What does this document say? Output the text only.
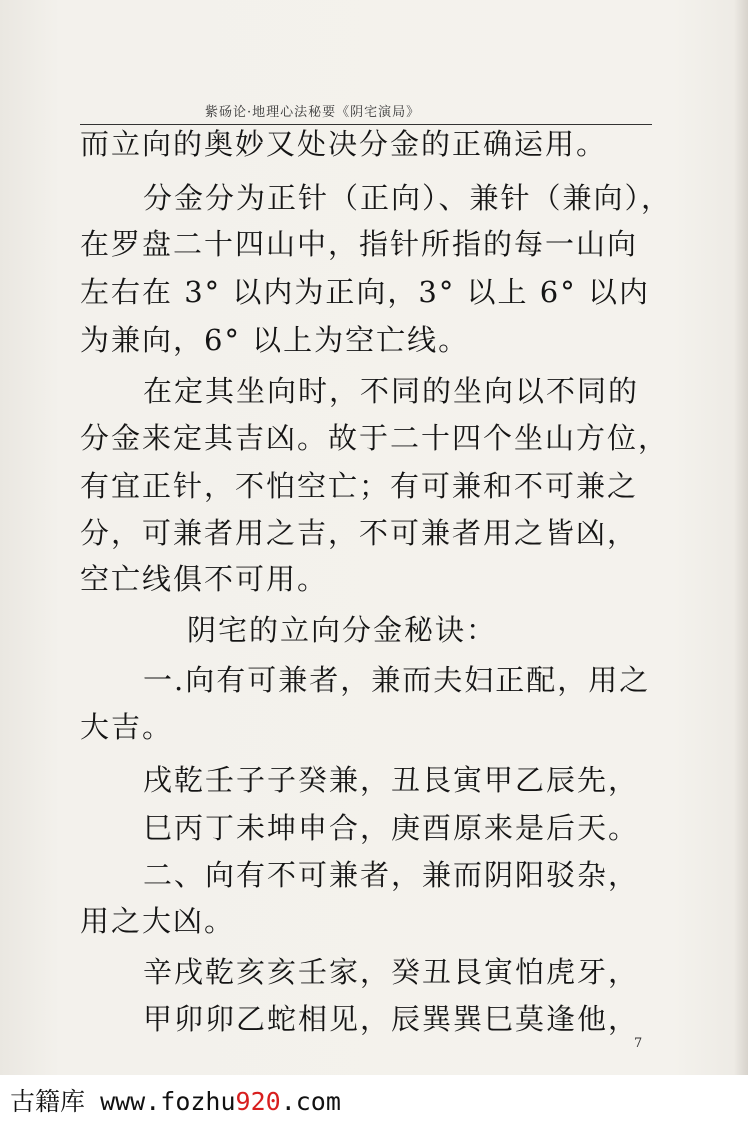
紫砀论·地理心法秘要《阴宅演局》
而立向的奥妙又处决分金的正确运用。
分金分为正针（正向）、兼针（兼向），
在罗盘二十四山中，指针所指的每一山向
左右在 3° 以内为正向，3° 以上 6° 以内
为兼向，6° 以上为空亡线。
在定其坐向时，不同的坐向以不同的
分金来定其吉凶。故于二十四个坐山方位，
有宜正针，不怕空亡；有可兼和不可兼之
分，可兼者用之吉，不可兼者用之皆凶，
空亡线俱不可用。
阴宅的立向分金秘诀：
一.向有可兼者，兼而夫妇正配，用之
大吉。
戌乾壬子子癸兼，丑艮寅甲乙辰先，
巳丙丁未坤申合，庚酉原来是后天。
二、向有不可兼者，兼而阴阳驳杂，
用之大凶。
辛戌乾亥亥壬家，癸丑艮寅怕虎牙，
甲卯卯乙蛇相见，辰巽巽巳莫逢他，
7
古籍库 www.fozhu920.com
